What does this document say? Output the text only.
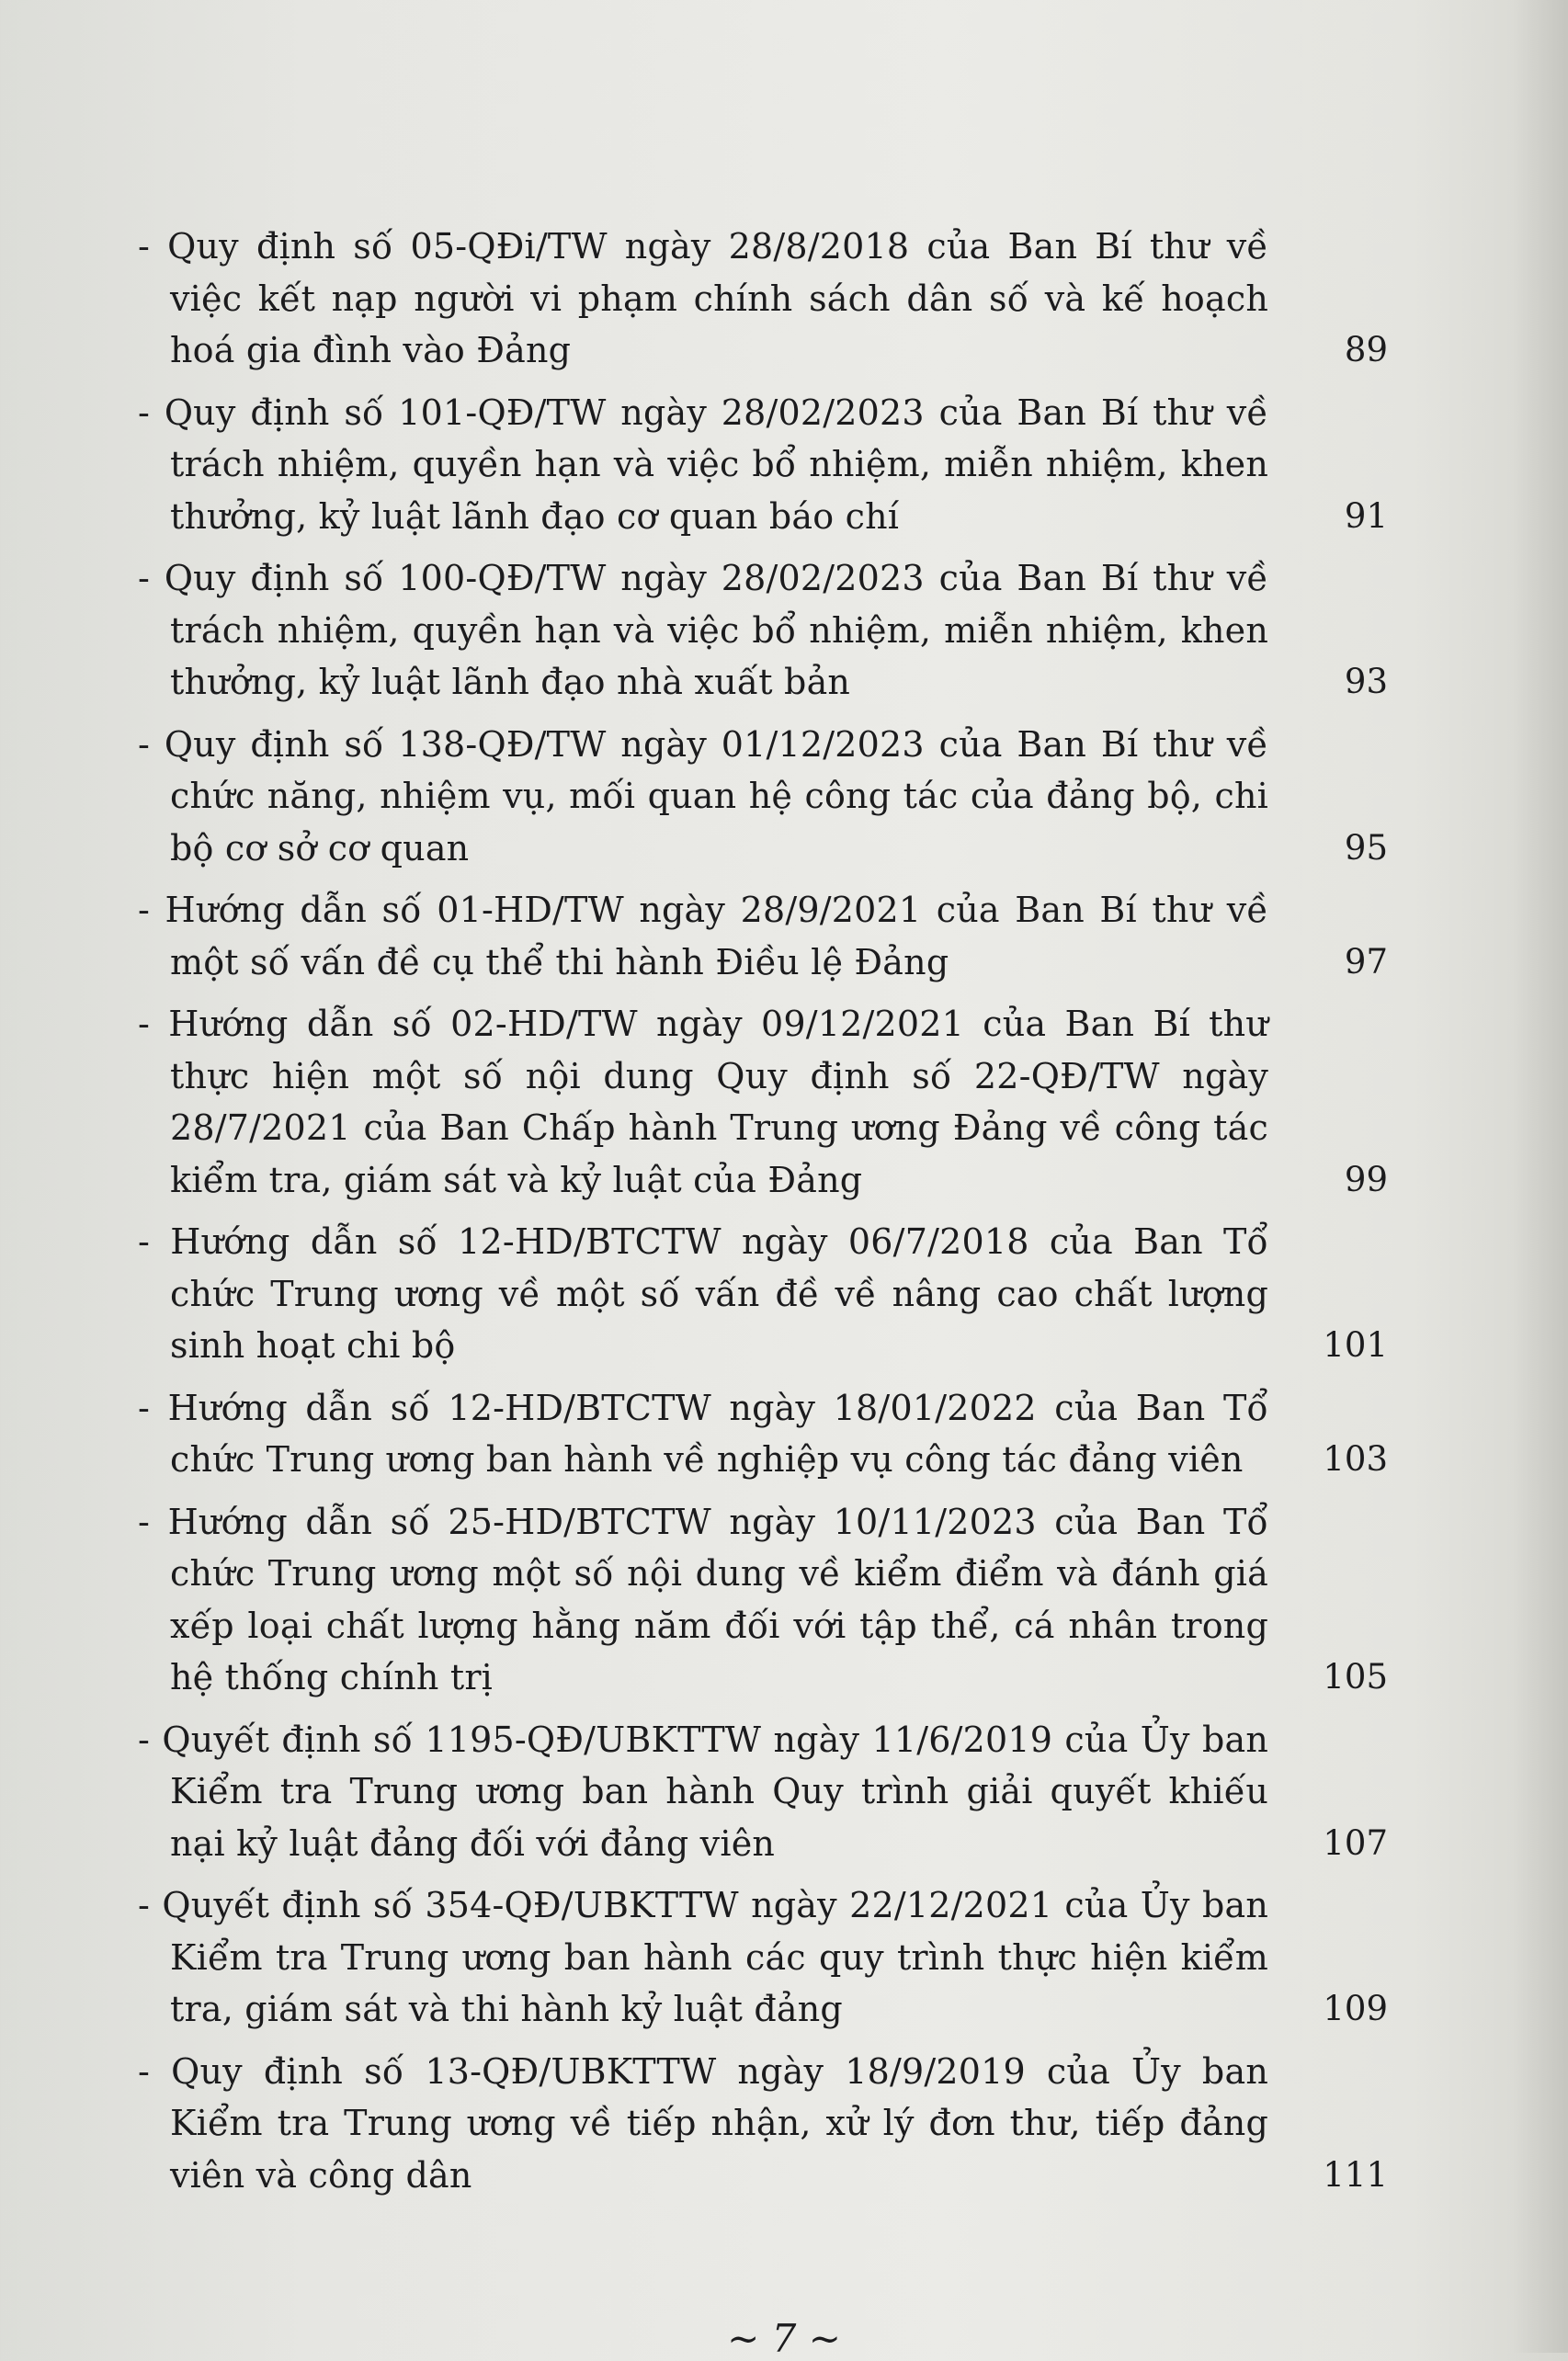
- Quy định số 05-QĐi/TW ngày 28/8/2018 của Ban Bí thư về việc kết nạp người vi phạm chính sách dân số và kế hoạch hoá gia đình vào Đảng	89
- Quy định số 101-QĐ/TW ngày 28/02/2023 của Ban Bí thư về trách nhiệm, quyền hạn và việc bổ nhiệm, miễn nhiệm, khen thưởng, kỷ luật lãnh đạo cơ quan báo chí	91
- Quy định số 100-QĐ/TW ngày 28/02/2023 của Ban Bí thư về trách nhiệm, quyền hạn và việc bổ nhiệm, miễn nhiệm, khen thưởng, kỷ luật lãnh đạo nhà xuất bản	93
- Quy định số 138-QĐ/TW ngày 01/12/2023 của Ban Bí thư về chức năng, nhiệm vụ, mối quan hệ công tác của đảng bộ, chi bộ cơ sở cơ quan	95
- Hướng dẫn số 01-HD/TW ngày 28/9/2021 của Ban Bí thư về một số vấn đề cụ thể thi hành Điều lệ Đảng	97
- Hướng dẫn số 02-HD/TW ngày 09/12/2021 của Ban Bí thư thực hiện một số nội dung Quy định số 22-QĐ/TW ngày 28/7/2021 của Ban Chấp hành Trung ương Đảng về công tác kiểm tra, giám sát và kỷ luật của Đảng	99
- Hướng dẫn số 12-HD/BTCTW ngày 06/7/2018 của Ban Tổ chức Trung ương về một số vấn đề về nâng cao chất lượng sinh hoạt chi bộ	101
- Hướng dẫn số 12-HD/BTCTW ngày 18/01/2022 của Ban Tổ chức Trung ương ban hành về nghiệp vụ công tác đảng viên	103
- Hướng dẫn số 25-HD/BTCTW ngày 10/11/2023 của Ban Tổ chức Trung ương một số nội dung về kiểm điểm và đánh giá xếp loại chất lượng hằng năm đối với tập thể, cá nhân trong hệ thống chính trị	105
- Quyết định số 1195-QĐ/UBKTTW ngày 11/6/2019 của Ủy ban Kiểm tra Trung ương ban hành Quy trình giải quyết khiếu nại kỷ luật đảng đối với đảng viên	107
- Quyết định số 354-QĐ/UBKTTW ngày 22/12/2021 của Ủy ban Kiểm tra Trung ương ban hành các quy trình thực hiện kiểm tra, giám sát và thi hành kỷ luật đảng	109
- Quy định số 13-QĐ/UBKTTW ngày 18/9/2019 của Ủy ban Kiểm tra Trung ương về tiếp nhận, xử lý đơn thư, tiếp đảng viên và công dân	111
~ 7 ~
